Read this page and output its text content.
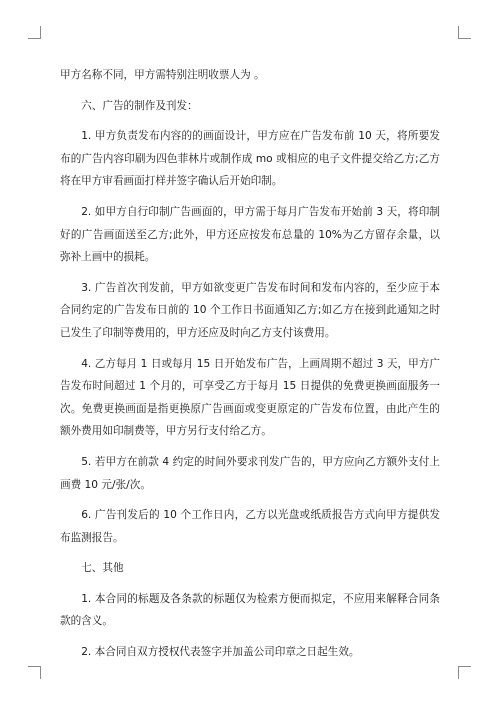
甲方名称不同，甲方需特别注明收票人为 。

六、广告的制作及刊发：

1. 甲方负责发布内容的的画面设计，甲方应在广告发布前 10 天，将所要发布的广告内容印刷为四色菲林片或制作成 mo 或相应的电子文件提交给乙方;乙方将在甲方审看画面打样并签字确认后开始印制。

2. 如甲方自行印制广告画面的，甲方需于每月广告发布开始前 3 天，将印制好的广告画面送至乙方;此外，甲方还应按发布总量的 10%为乙方留存余量，以弥补上画中的损耗。

3. 广告首次刊发前，甲方如欲变更广告发布时间和发布内容的，至少应于本合同约定的广告发布日前的 10 个工作日书面通知乙方;如乙方在接到此通知之时已发生了印制等费用的，甲方还应及时向乙方支付该费用。

4. 乙方每月 1 日或每月 15 日开始发布广告，上画周期不超过 3 天，甲方广告发布时间超过 1 个月的，可享受乙方于每月 15 日提供的免费更换画面服务一次。免费更换画面是指更换原广告画面或变更原定的广告发布位置，由此产生的额外费用如印制费等，甲方另行支付给乙方。

5. 若甲方在前款 4 约定的时间外要求刊发广告的，甲方应向乙方额外支付上画费 10 元/张/次。

6. 广告刊发后的 10 个工作日内，乙方以光盘或纸质报告方式向甲方提供发布监测报告。

七、其他

1. 本合同的标题及各条款的标题仅为检索方便而拟定，不应用来解释合同条款的含义。

2. 本合同自双方授权代表签字并加盖公司印章之日起生效。
